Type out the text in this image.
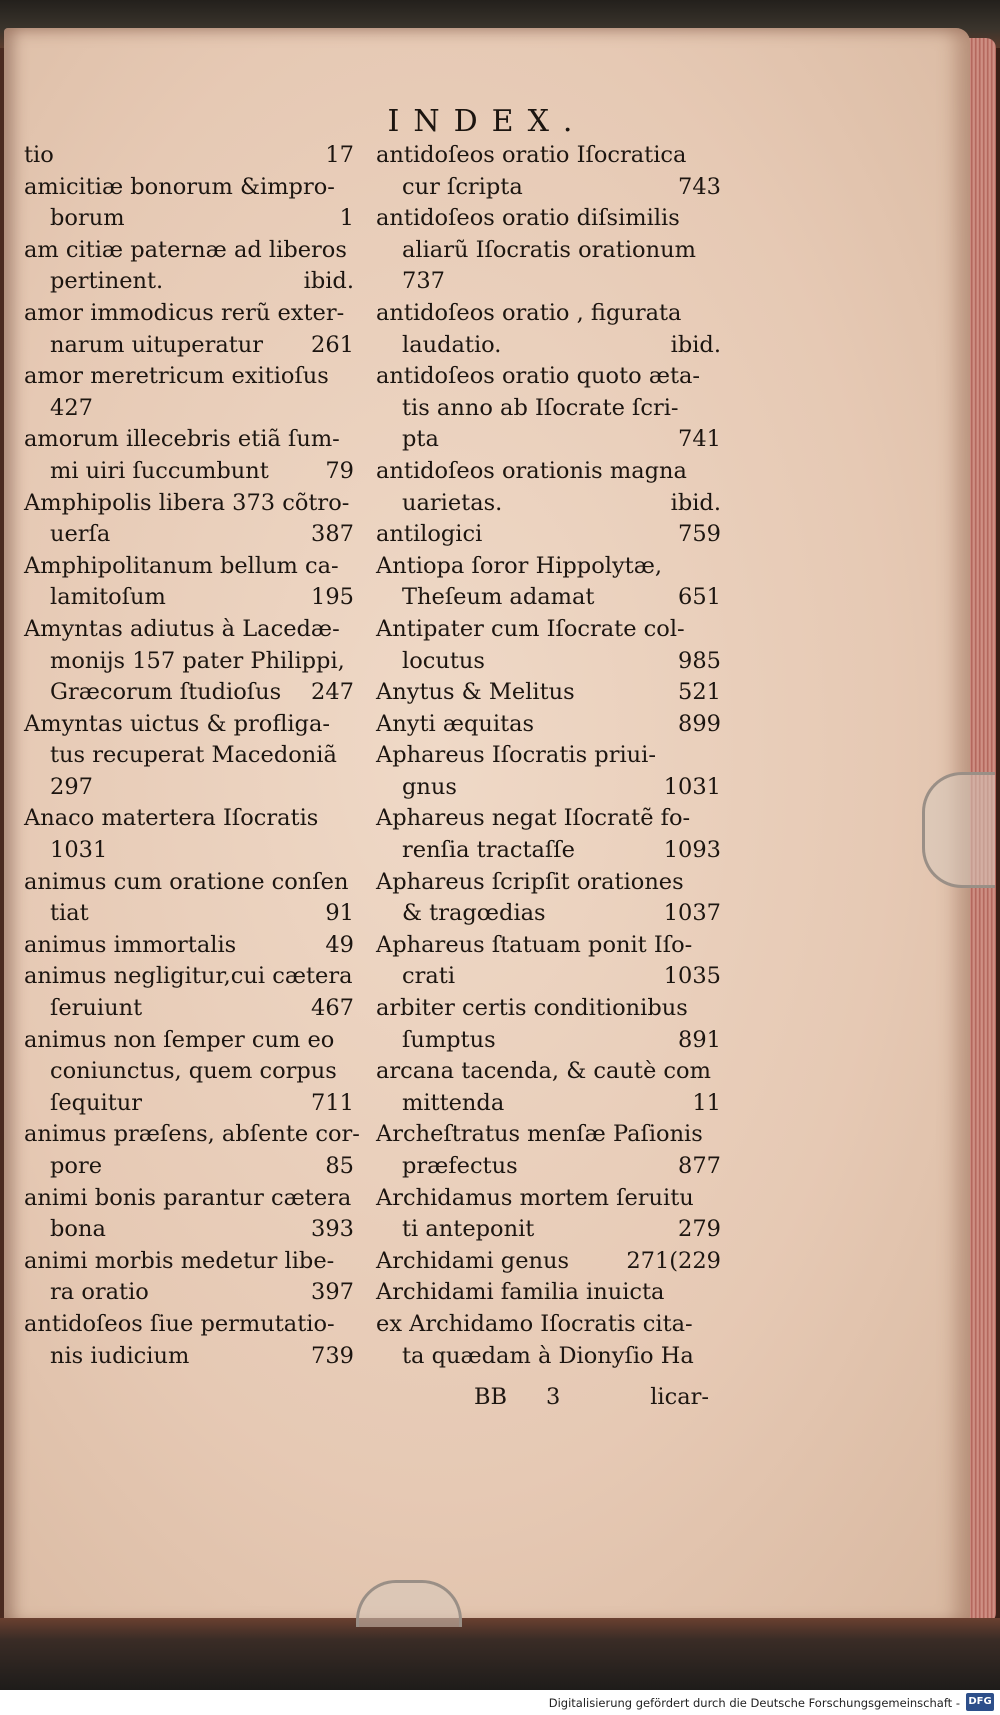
INDEX.
tio	17
amicitiæ bonorum &impro-
borum	1
am citiæ paternæ ad liberos
pertinent.	ibid.
amor immodicus rerũ exter-
narum uituperatur 261
amor meretricum exitioſus
427
amorum illecebris etiã ſum-
mi uiri ſuccumbunt	79
Amphipolis libera 373 cõtro-
uerſa	387
Amphipolitanum bellum ca-
lamitoſum	195
Amyntas adiutus à Lacedæ-
monijs 157 pater Philippi,
Græcorum ſtudioſus 247
Amyntas uictus & profliga-
tus recuperat Macedoniã
297
Anaco matertera Iſocratis
1031
animus cum oratione conſen
tiat	91
animus immortalis	49
animus negligitur,cui cætera
ſeruiunt	467
animus non ſemper cum eo
coniunctus, quem corpus
ſequitur	711
animus præſens, abſente cor-
pore	85
animi bonis parantur cætera
bona	393
animi morbis medetur libe-
ra oratio	397
antidoſeos ſiue permutatio-
nis iudicium	739
antidoſeos oratio Iſocratica
cur ſcripta	743
antidoſeos oratio diſsimilis
aliarũ Iſocratis orationum
737
antidoſeos oratio , figurata
laudatio.	ibid.
antidoſeos oratio quoto æta-
tis anno ab Iſocrate ſcri-
pta	741
antidoſeos orationis magna
uarietas.	ibid.
antilogici	759
Antiopa ſoror Hippolytæ,
Theſeum adamat	651
Antipater cum Iſocrate col-
locutus	985
Anytus & Melitus	521
Anyti æquitas	899
Aphareus Iſocratis priui-
gnus	1031
Aphareus negat Iſocratẽ fo-
renſia tractaſſe	1093
Aphareus ſcripſit orationes
& tragœdias	1037
Aphareus ſtatuam ponit Iſo-
crati	1035
arbiter certis conditionibus
ſumptus	891
arcana tacenda, & cautè com
mittenda	11
Archeſtratus menſæ Paſionis
præfectus	877
Archidamus mortem ſeruitu
ti anteponit	279
Archidami genus	271(229
Archidami familia inuicta
ex Archidamo Iſocratis cita-
ta quædam à Dionyſio Ha
BB 3	licar-
Digitalisierung gefördert durch die Deutsche Forschungsgemeinschaft - DFG
